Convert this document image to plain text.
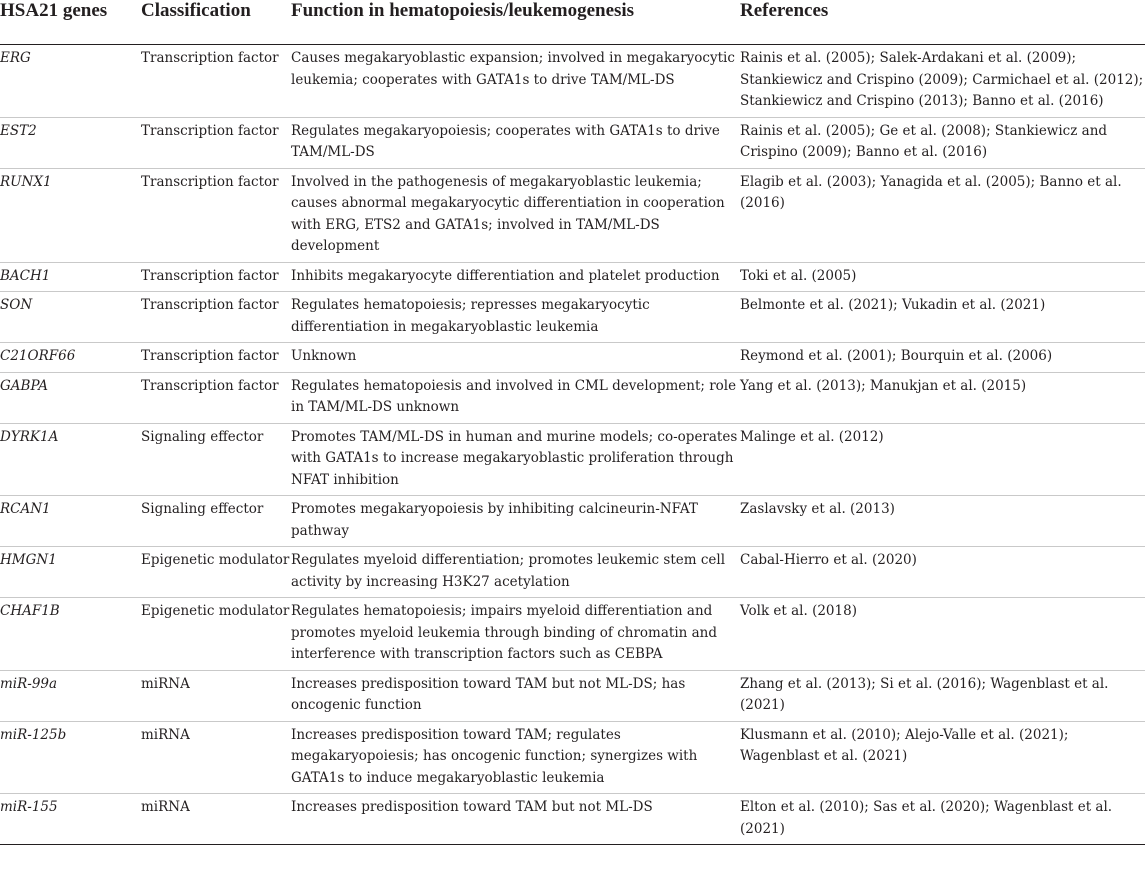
HSA21 genes	Classification	Function in hematopoiesis/leukemogenesis	References
ERG	Transcription factor	Causes megakaryoblastic expansion; involved in megakaryocytic leukemia; cooperates with GATA1s to drive TAM/ML-DS	Rainis et al. (2005); Salek-Ardakani et al. (2009); Stankiewicz and Crispino (2009); Carmichael et al. (2012); Stankiewicz and Crispino (2013); Banno et al. (2016)
EST2	Transcription factor	Regulates megakaryopoiesis; cooperates with GATA1s to drive TAM/ML-DS	Rainis et al. (2005); Ge et al. (2008); Stankiewicz and Crispino (2009); Banno et al. (2016)
RUNX1	Transcription factor	Involved in the pathogenesis of megakaryoblastic leukemia; causes abnormal megakaryocytic differentiation in cooperation with ERG, ETS2 and GATA1s; involved in TAM/ML-DS development	Elagib et al. (2003); Yanagida et al. (2005); Banno et al. (2016)
BACH1	Transcription factor	Inhibits megakaryocyte differentiation and platelet production	Toki et al. (2005)
SON	Transcription factor	Regulates hematopoiesis; represses megakaryocytic differentiation in megakaryoblastic leukemia	Belmonte et al. (2021); Vukadin et al. (2021)
C21ORF66	Transcription factor	Unknown	Reymond et al. (2001); Bourquin et al. (2006)
GABPA	Transcription factor	Regulates hematopoiesis and involved in CML development; role in TAM/ML-DS unknown	Yang et al. (2013); Manukjan et al. (2015)
DYRK1A	Signaling effector	Promotes TAM/ML-DS in human and murine models; co-operates with GATA1s to increase megakaryoblastic proliferation through NFAT inhibition	Malinge et al. (2012)
RCAN1	Signaling effector	Promotes megakaryopoiesis by inhibiting calcineurin-NFAT pathway	Zaslavsky et al. (2013)
HMGN1	Epigenetic modulator	Regulates myeloid differentiation; promotes leukemic stem cell activity by increasing H3K27 acetylation	Cabal-Hierro et al. (2020)
CHAF1B	Epigenetic modulator	Regulates hematopoiesis; impairs myeloid differentiation and promotes myeloid leukemia through binding of chromatin and interference with transcription factors such as CEBPA	Volk et al. (2018)
miR-99a	miRNA	Increases predisposition toward TAM but not ML-DS; has oncogenic function	Zhang et al. (2013); Si et al. (2016); Wagenblast et al. (2021)
miR-125b	miRNA	Increases predisposition toward TAM; regulates megakaryopoiesis; has oncogenic function; synergizes with GATA1s to induce megakaryoblastic leukemia	Klusmann et al. (2010); Alejo-Valle et al. (2021); Wagenblast et al. (2021)
miR-155	miRNA	Increases predisposition toward TAM but not ML-DS	Elton et al. (2010); Sas et al. (2020); Wagenblast et al. (2021)
